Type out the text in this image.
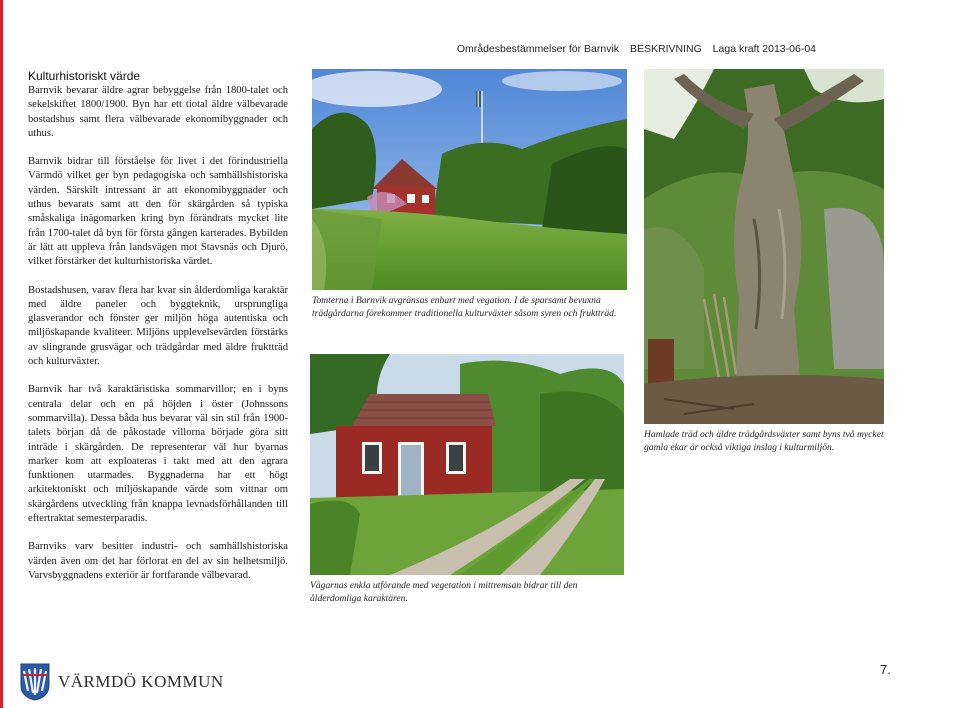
Områdesbestämmelser för Barnvik BESKRIVNING Laga kraft 2013-06-04
Kulturhistoriskt värde

Barnvik bevarar äldre agrar bebyggelse från 1800-talet och sekelskiftet 1800/1900. Byn har ett tiotal äldre välbevarade bostadshus samt flera välbevarade ekonomibyggnader och uthus.

Barnvik bidrar till förståelse för livet i det förindustriella Värmdö vilket ger byn pedagogiska och samhällshistoriska värden. Särskilt intressant är att ekonomibyggnader och uthus bevarats samt att den för skärgården så typiska småskaliga inägomarken kring byn förändrats mycket lite från 1700-talet då byn för första gången karterades. Bybilden är lätt att uppleva från landsvägen mot Stavsnäs och Djurö, vilket förstärker det kulturhistoriska värdet.

Bostadshusen, varav flera har kvar sin ålderdomliga karaktär med äldre paneler och byggteknik, ursprungliga glasverandor och fönster ger miljön höga autentiska och miljöskapande kvaliteer. Miljöns upplevelsevärden förstärks av slingrande grusvägar och trädgårdar med äldre fruktträd och kulturväxter.

Barnvik har två karaktäristiska sommarvillor; en i byns centrala delar och en på höjden i öster (Johnssons sommarvilla). Dessa båda hus bevarar väl sin stil från 1900-talets början då de påkostade villorna började göra sitt inträde i skärgården. De representerar väl hur byarnas marker kom att exploateras i takt med att den agrara funktionen utarmades. Byggnaderna har ett högt arkitektoniskt och miljöskapande värde som vittnar om skärgårdens utveckling från knappa levnadsförhållanden till eftertraktat semesterparadis.

Barnviks varv besitter industri- och samhällshistoriska värden även om det har förlorat en del av sin helhetsmiljö. Varvsbyggnadens exteriör är fortfarande välbevarad.

Tomterna i Barnvik avgränsas enbart med vegation. I de sparsamt bevuxna trädgårdarna förekommer traditionella kulturväxter såsom syren och fruktträd.
Hamlade träd och äldre trädgårdsväxter samt byns två mycket gamla ekar är också viktiga inslag i kulturmiljön.
Vägarnas enkla utförande med vegetation i mittremsan bidrar till den ålderdomliga karaktären.
VÄRMDÖ KOMMUN
7.
